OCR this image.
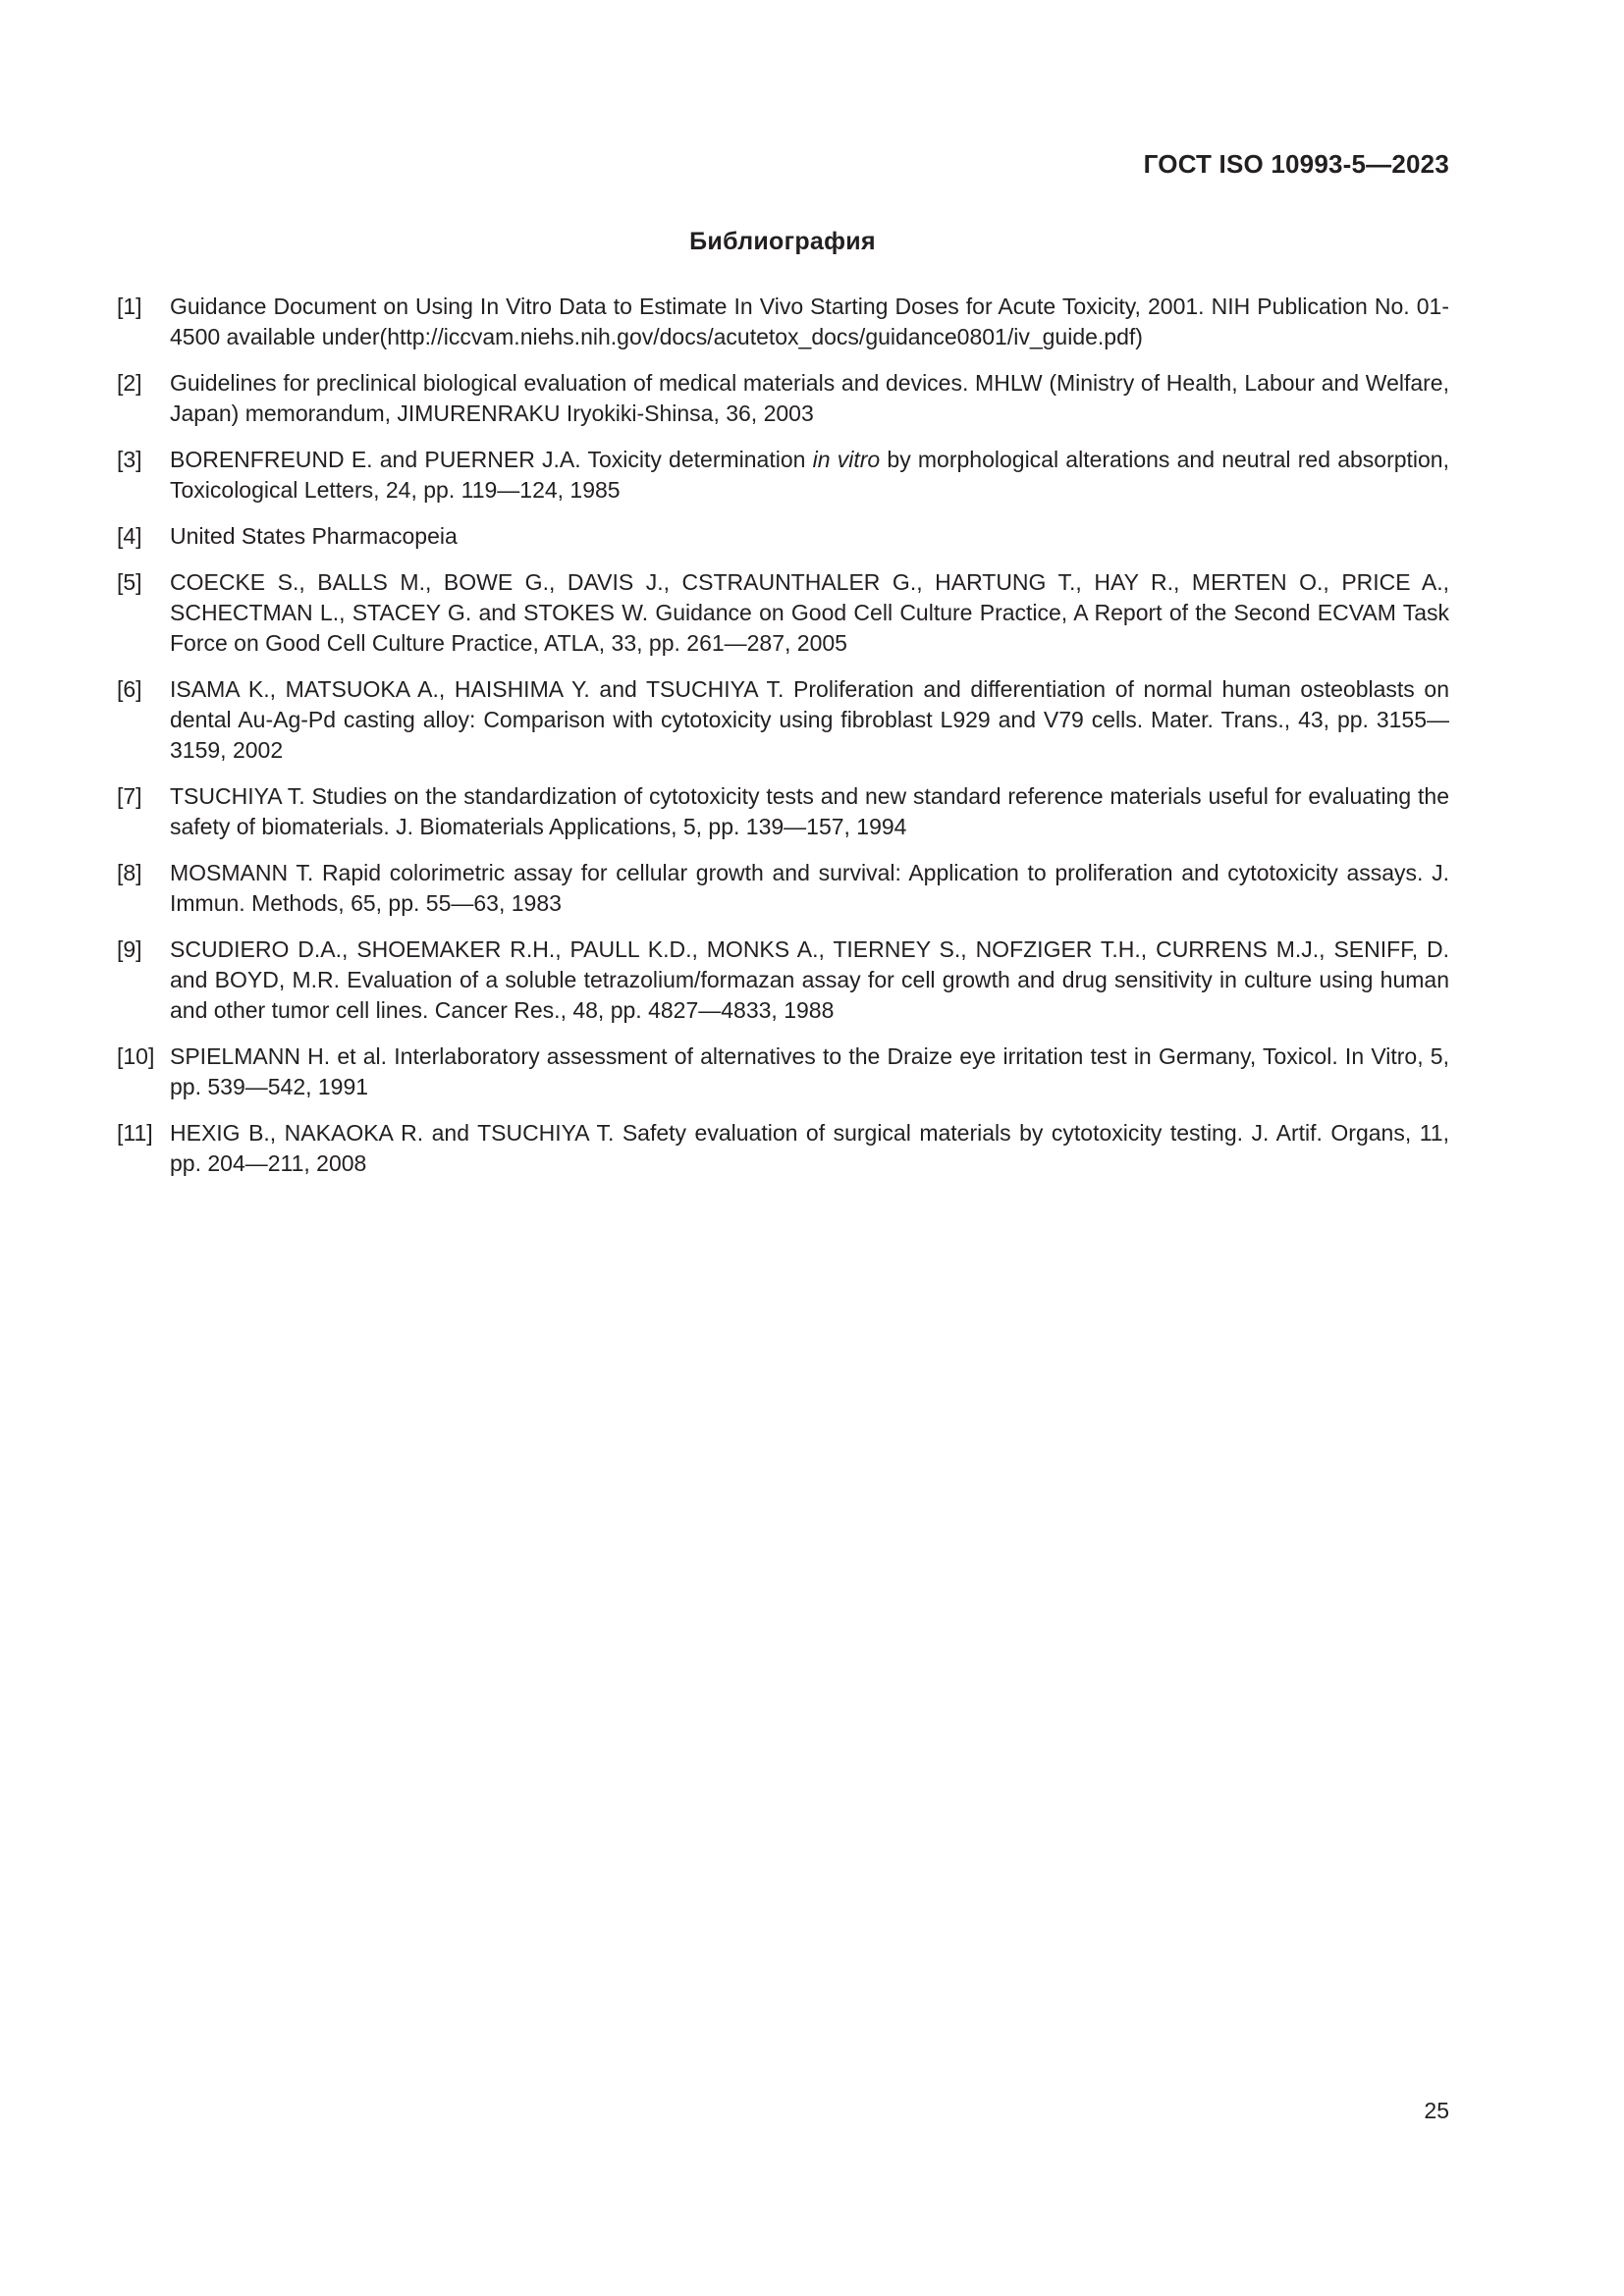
ГОСТ ISO 10993-5—2023
Библиография
[1]	Guidance Document on Using In Vitro Data to Estimate In Vivo Starting Doses for Acute Toxicity, 2001. NIH Publication No. 01-4500 available under(http://iccvam.niehs.nih.gov/docs/acutetox_docs/guidance0801/iv_guide.pdf)
[2]	Guidelines for preclinical biological evaluation of medical materials and devices. MHLW (Ministry of Health, Labour and Welfare, Japan) memorandum, JIMURENRAKU Iryokiki-Shinsa, 36, 2003
[3]	BORENFREUND E. and PUERNER J.A. Toxicity determination in vitro by morphological alterations and neutral red absorption, Toxicological Letters, 24, pp. 119—124, 1985
[4]	United States Pharmacopeia
[5]	COECKE S., BALLS M., BOWE G., DAVIS J., CSTRAUNTHALER G., HARTUNG T., HAY R., MERTEN O., PRICE A., SCHECTMAN L., STACEY G. and STOKES W. Guidance on Good Cell Culture Practice, A Report of the Second ECVAM Task Force on Good Cell Culture Practice, ATLA, 33, pp. 261—287, 2005
[6]	ISAMA K., MATSUOKA A., HAISHIMA Y. and TSUCHIYA T. Proliferation and differentiation of normal human osteoblasts on dental Au-Ag-Pd casting alloy: Comparison with cytotoxicity using fibroblast L929 and V79 cells. Mater. Trans., 43, pp. 3155—3159, 2002
[7]	TSUCHIYA T. Studies on the standardization of cytotoxicity tests and new standard reference materials useful for evaluating the safety of biomaterials. J. Biomaterials Applications, 5, pp. 139—157, 1994
[8]	MOSMANN T. Rapid colorimetric assay for cellular growth and survival: Application to proliferation and cytotoxicity assays. J. Immun. Methods, 65, pp. 55—63, 1983
[9]	SCUDIERO D.A., SHOEMAKER R.H., PAULL K.D., MONKS A., TIERNEY S., NOFZIGER T.H., CURRENS M.J., SENIFF, D. and BOYD, M.R. Evaluation of a soluble tetrazolium/formazan assay for cell growth and drug sensitivity in culture using human and other tumor cell lines. Cancer Res., 48, pp. 4827—4833, 1988
[10] SPIELMANN H. et al. Interlaboratory assessment of alternatives to the Draize eye irritation test in Germany, Toxicol. In Vitro, 5, pp. 539—542, 1991
[11] HEXIG B., NAKAOKA R. and TSUCHIYA T. Safety evaluation of surgical materials by cytotoxicity testing. J. Artif. Organs, 11, pp. 204—211, 2008
25
